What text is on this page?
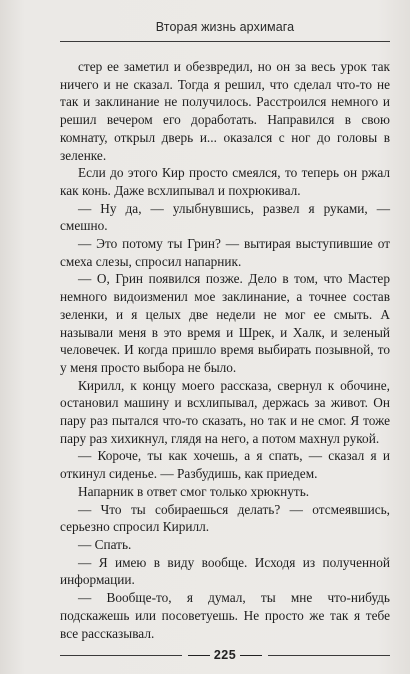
Вторая жизнь архимага

стер ее заметил и обезвредил, но он за весь урок так ничего и не сказал. Тогда я решил, что сделал что-то не так и заклинание не получилось. Расстроился немного и решил вечером его доработать. Направился в свою комнату, открыл дверь и... оказался с ног до головы в зеленке.

Если до этого Кир просто смеялся, то теперь он ржал как конь. Даже всхлипывал и похрюкивал.

— Ну да, — улыбнувшись, развел я руками, — смешно.

— Это потому ты Грин? — вытирая выступившие от смеха слезы, спросил напарник.

— О, Грин появился позже. Дело в том, что Мастер немного видоизменил мое заклинание, а точнее состав зеленки, и я целых две недели не мог ее смыть. А называли меня в это время и Шрек, и Халк, и зеленый человечек. И когда пришло время выбирать позывной, то у меня просто выбора не было.

Кирилл, к концу моего рассказа, свернул к обочине, остановил машину и всхлипывал, держась за живот. Он пару раз пытался что-то сказать, но так и не смог. Я тоже пару раз хихикнул, глядя на него, а потом махнул рукой.

— Короче, ты как хочешь, а я спать, — сказал я и откинул сиденье. — Разбудишь, как приедем.

Напарник в ответ смог только хрюкнуть.

— Что ты собираешься делать? — отсмеявшись, серьезно спросил Кирилл.

— Спать.

— Я имею в виду вообще. Исходя из полученной информации.

— Вообще-то, я думал, ты мне что-нибудь подскажешь или посоветуешь. Не просто же так я тебе все рассказывал.

225
